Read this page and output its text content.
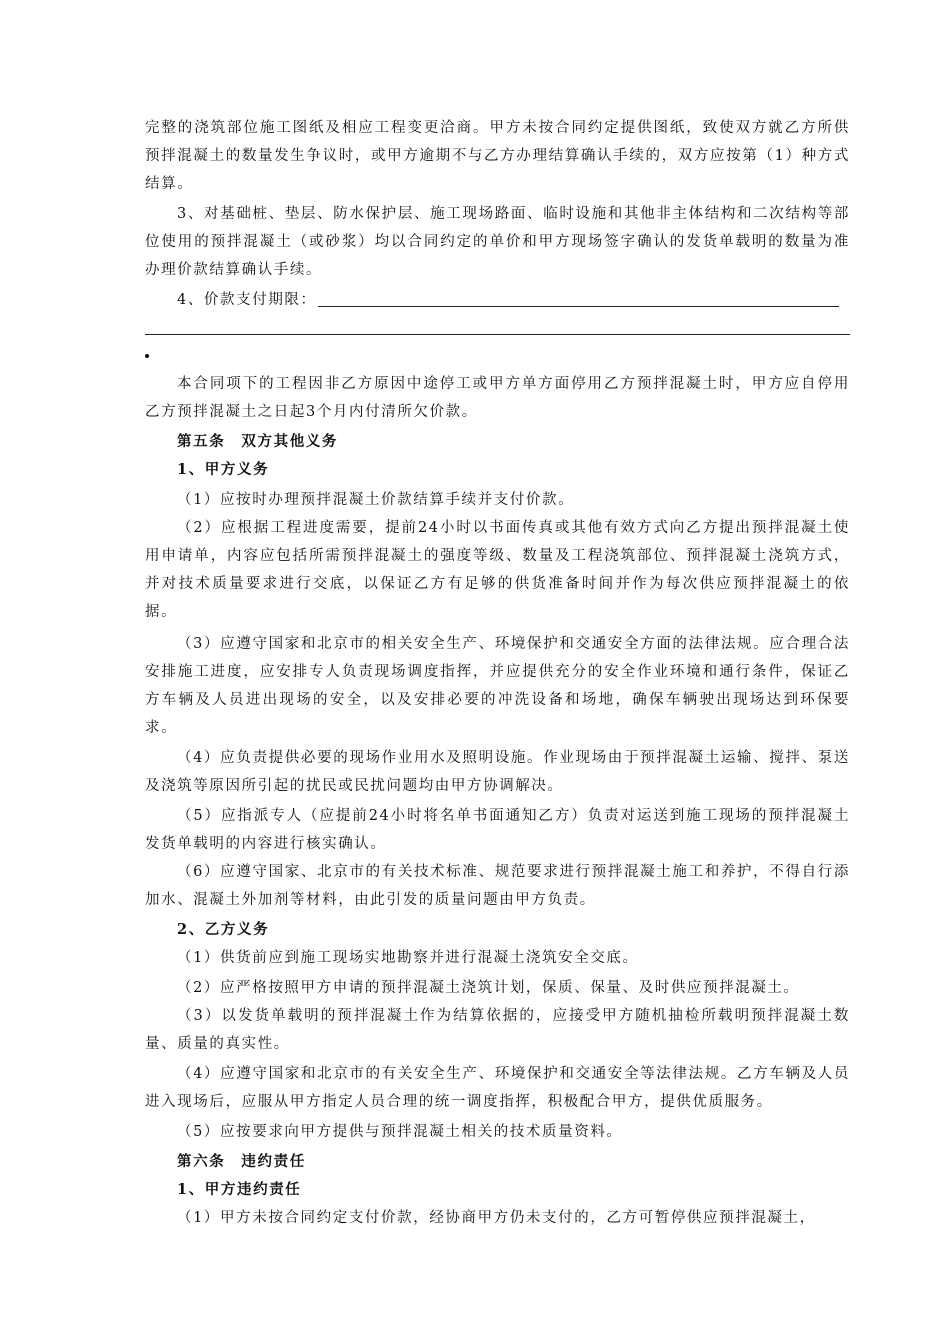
完整的浇筑部位施工图纸及相应工程变更洽商。甲方未按合同约定提供图纸，致使双方就乙方所供预拌混凝土的数量发生争议时，或甲方逾期不与乙方办理结算确认手续的，双方应按第（1）种方式结算。

3、对基础桩、垫层、防水保护层、施工现场路面、临时设施和其他非主体结构和二次结构等部位使用的预拌混凝土（或砂浆）均以合同约定的单价和甲方现场签字确认的发货单载明的数量为准办理价款结算确认手续。

4、价款支付期限：

本合同项下的工程因非乙方原因中途停工或甲方单方面停用乙方预拌混凝土时，甲方应自停用乙方预拌混凝土之日起3个月内付清所欠价款。

第五条　双方其他义务

1、甲方义务

（1）应按时办理预拌混凝土价款结算手续并支付价款。

（2）应根据工程进度需要，提前24小时以书面传真或其他有效方式向乙方提出预拌混凝土使用申请单，内容应包括所需预拌混凝土的强度等级、数量及工程浇筑部位、预拌混凝土浇筑方式，并对技术质量要求进行交底，以保证乙方有足够的供货准备时间并作为每次供应预拌混凝土的依据。

（3）应遵守国家和北京市的相关安全生产、环境保护和交通安全方面的法律法规。应合理合法安排施工进度，应安排专人负责现场调度指挥，并应提供充分的安全作业环境和通行条件，保证乙方车辆及人员进出现场的安全，以及安排必要的冲洗设备和场地，确保车辆驶出现场达到环保要求。

（4）应负责提供必要的现场作业用水及照明设施。作业现场由于预拌混凝土运输、搅拌、泵送及浇筑等原因所引起的扰民或民扰问题均由甲方协调解决。

（5）应指派专人（应提前24小时将名单书面通知乙方）负责对运送到施工现场的预拌混凝土发货单载明的内容进行核实确认。

（6）应遵守国家、北京市的有关技术标准、规范要求进行预拌混凝土施工和养护，不得自行添加水、混凝土外加剂等材料，由此引发的质量问题由甲方负责。

2、乙方义务

（1）供货前应到施工现场实地勘察并进行混凝土浇筑安全交底。

（2）应严格按照甲方申请的预拌混凝土浇筑计划，保质、保量、及时供应预拌混凝土。

（3）以发货单载明的预拌混凝土作为结算依据的，应接受甲方随机抽检所载明预拌混凝土数量、质量的真实性。

（4）应遵守国家和北京市的有关安全生产、环境保护和交通安全等法律法规。乙方车辆及人员进入现场后，应服从甲方指定人员合理的统一调度指挥，积极配合甲方，提供优质服务。

（5）应按要求向甲方提供与预拌混凝土相关的技术质量资料。

第六条　违约责任

1、甲方违约责任

（1）甲方未按合同约定支付价款，经协商甲方仍未支付的，乙方可暂停供应预拌混凝土，
